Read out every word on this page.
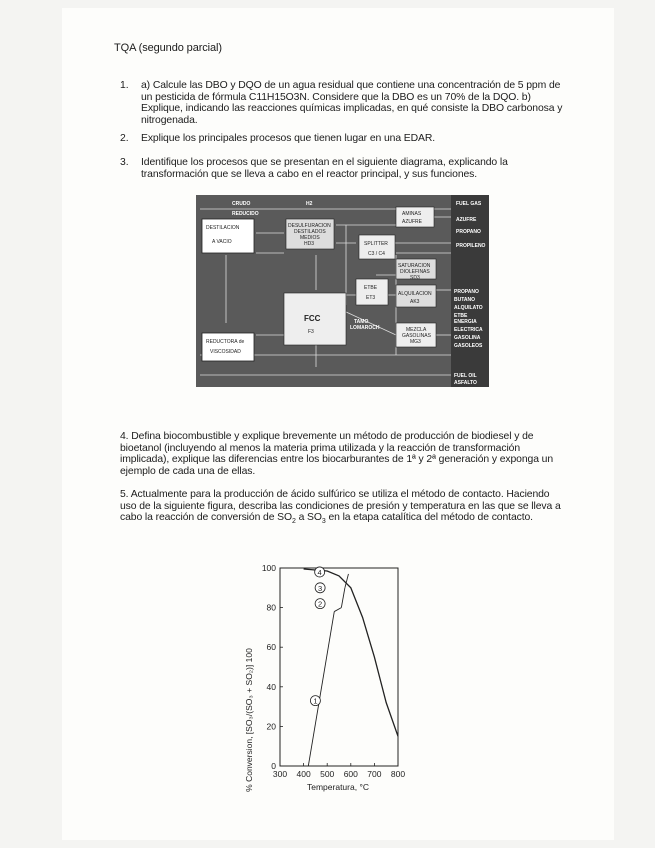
TQA (segundo parcial)
1. a) Calcule las DBO y DQO de un agua residual que contiene una concentración de 5 ppm de un pesticida de fórmula C11H15O3N. Considere que la DBO es un 70% de la DQO. b) Explique, indicando las reacciones químicas implicadas, en qué consiste la DBO carbonosa y nitrogenada.
2. Explique los principales procesos que tienen lugar en una EDAR.
3. Identifique los procesos que se presentan en el siguiente diagrama, explicando la transformación que se lleva a cabo en el reactor principal, y sus funciones.
CRUDO
REDUCIDO
H2
DESTILACION
A VACIO
DESULFURACION
DESTILADOS
MEDIOS
HD3	SPLITTER
C3 / C4
AMINAS
AZUFRE
SATURACION
DIOLEFINAS
SD3
ETBE
ET3
ALQUILACION
AK3
FCC
F3
TAMO
LOMAROCH	MEZCLA
GASOLINAS
MG3
REDUCTORA de
VISCOSIDAD
FUEL GAS
AZUFRE
PROPANO
PROPILENO
PROPANO
BUTANO
ALQUILATO
ETBE
ENERGIA
ELECTRICA
GASOLINA
GASOLEOS
FUEL OIL
ASFALTO
4. Defina biocombustible y explique brevemente un método de producción de biodiesel y de bioetanol (incluyendo al menos la materia prima utilizada y la reacción de transformación implicada), explique las diferencias entre los biocarburantes de 1ª y 2ª generación y exponga un ejemplo de cada una de ellas.
5. Actualmente para la producción de ácido sulfúrico se utiliza el método de contacto. Haciendo uso de la siguiente figura, describa las condiciones de presión y temperatura en las que se lleva a cabo la reacción de conversión de $SO_2$ a $SO_3$ en la etapa catalítica del método de contacto.
% Conversion, [SO₃/(SO₃ + SO₂)] 100	Temperatura, °C
300 400 500 600 700 800
0
20
40
60
80
100
1
2
3
4
